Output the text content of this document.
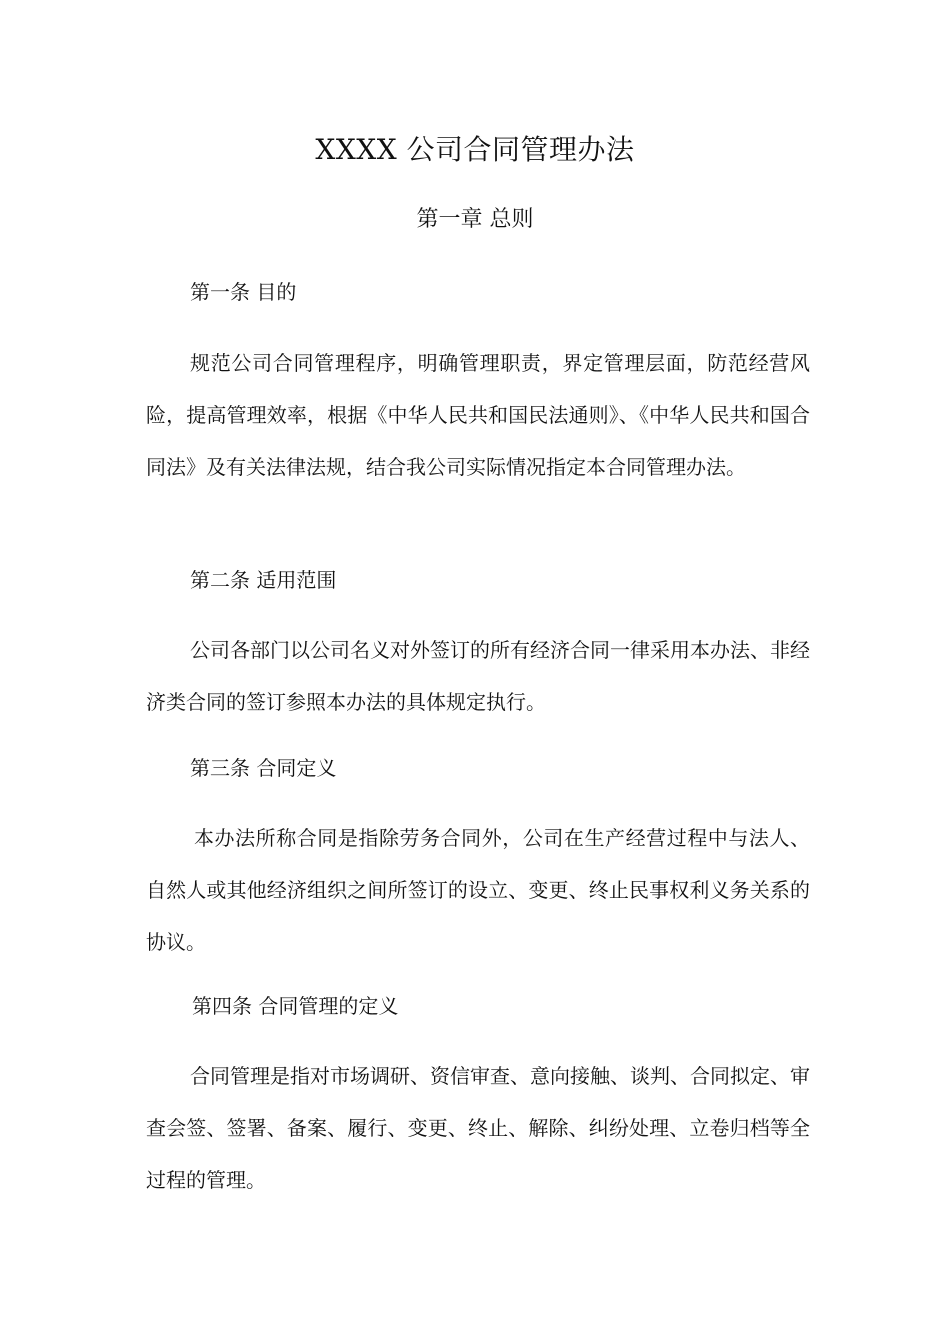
XXXX 公司合同管理办法
第一章 总则
第一条 目的

规范公司合同管理程序，明确管理职责，界定管理层面，防范经营风险，提高管理效率，根据《中华人民共和国民法通则》、《中华人民共和国合同法》及有关法律法规，结合我公司实际情况指定本合同管理办法。

第二条 适用范围

公司各部门以公司名义对外签订的所有经济合同一律采用本办法、非经济类合同的签订参照本办法的具体规定执行。

第三条 合同定义

本办法所称合同是指除劳务合同外，公司在生产经营过程中与法人、自然人或其他经济组织之间所签订的设立、变更、终止民事权利义务关系的协议。

第四条 合同管理的定义

合同管理是指对市场调研、资信审查、意向接触、谈判、合同拟定、审查会签、签署、备案、履行、变更、终止、解除、纠纷处理、立卷归档等全过程的管理。
